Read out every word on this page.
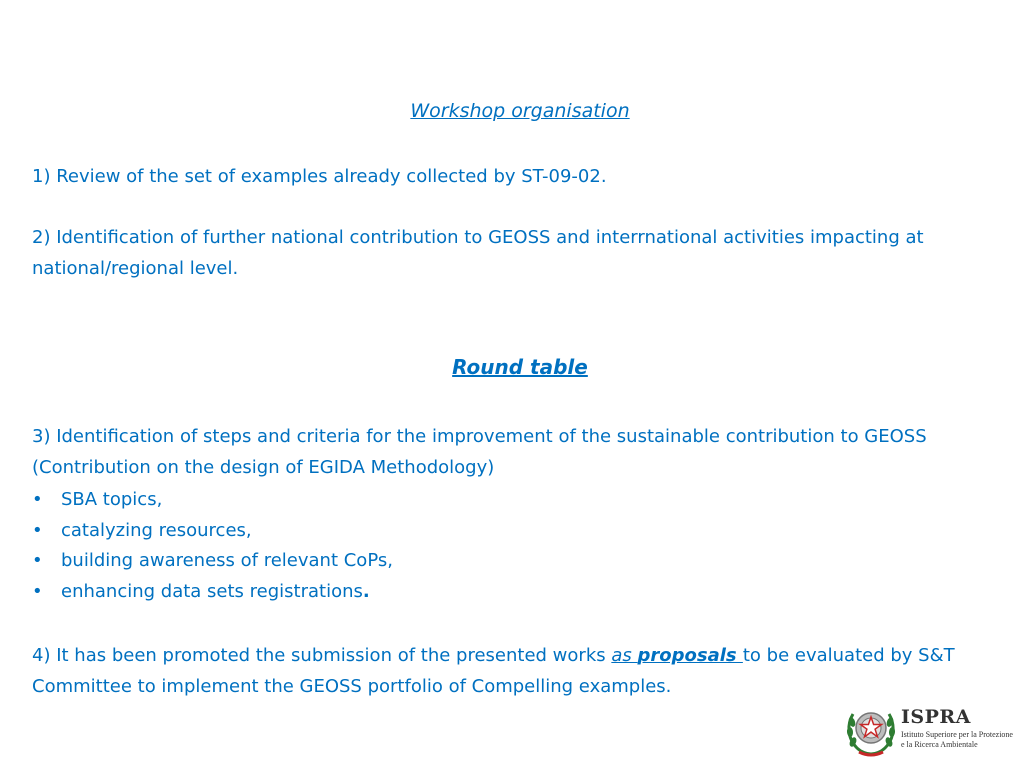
Workshop organisation
1) Review of the set of examples already collected by ST-09-02.
2) Identification of further national contribution to GEOSS and interrnational activities impacting at national/regional level.
Round table
3) Identification of steps and criteria for the improvement of the sustainable contribution to GEOSS (Contribution on the design of EGIDA Methodology)
• SBA topics,
• catalyzing resources,
• building awareness of relevant CoPs,
• enhancing data sets registrations.
4) It has been promoted the submission of the presented works as proposals to be evaluated by S&T Committee to implement the GEOSS portfolio of Compelling examples.
ISPRA
Istituto Superiore per la Protezione
e la Ricerca Ambientale
